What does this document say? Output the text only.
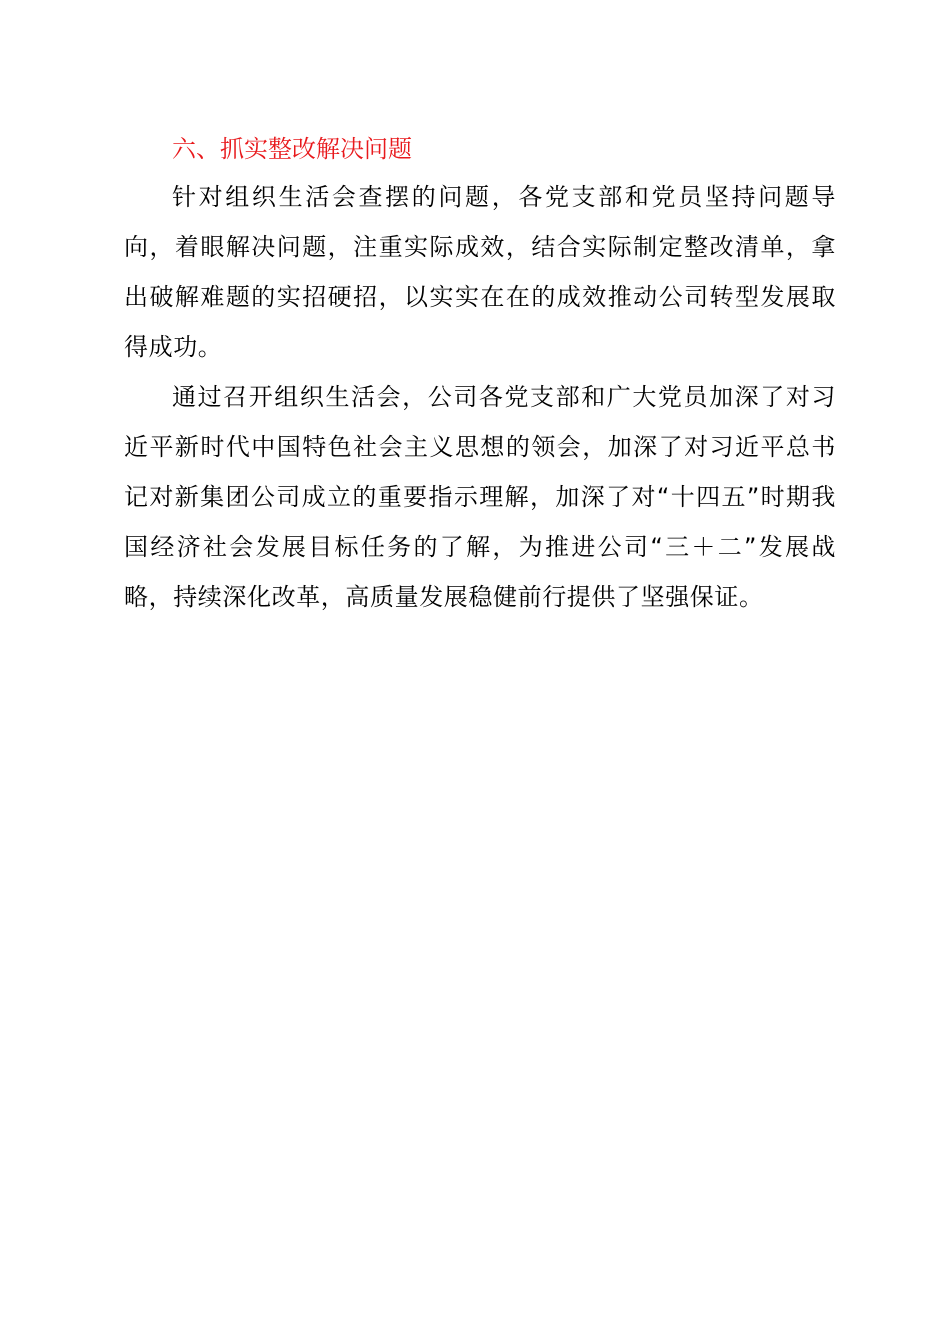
六、抓实整改解决问题

针对组织生活会查摆的问题，各党支部和党员坚持问题导向，着眼解决问题，注重实际成效，结合实际制定整改清单，拿出破解难题的实招硬招，以实实在在的成效推动公司转型发展取得成功。

通过召开组织生活会，公司各党支部和广大党员加深了对习近平新时代中国特色社会主义思想的领会，加深了对习近平总书记对新集团公司成立的重要指示理解，加深了对“十四五”时期我国经济社会发展目标任务的了解，为推进公司“三＋二”发展战略，持续深化改革，高质量发展稳健前行提供了坚强保证。
